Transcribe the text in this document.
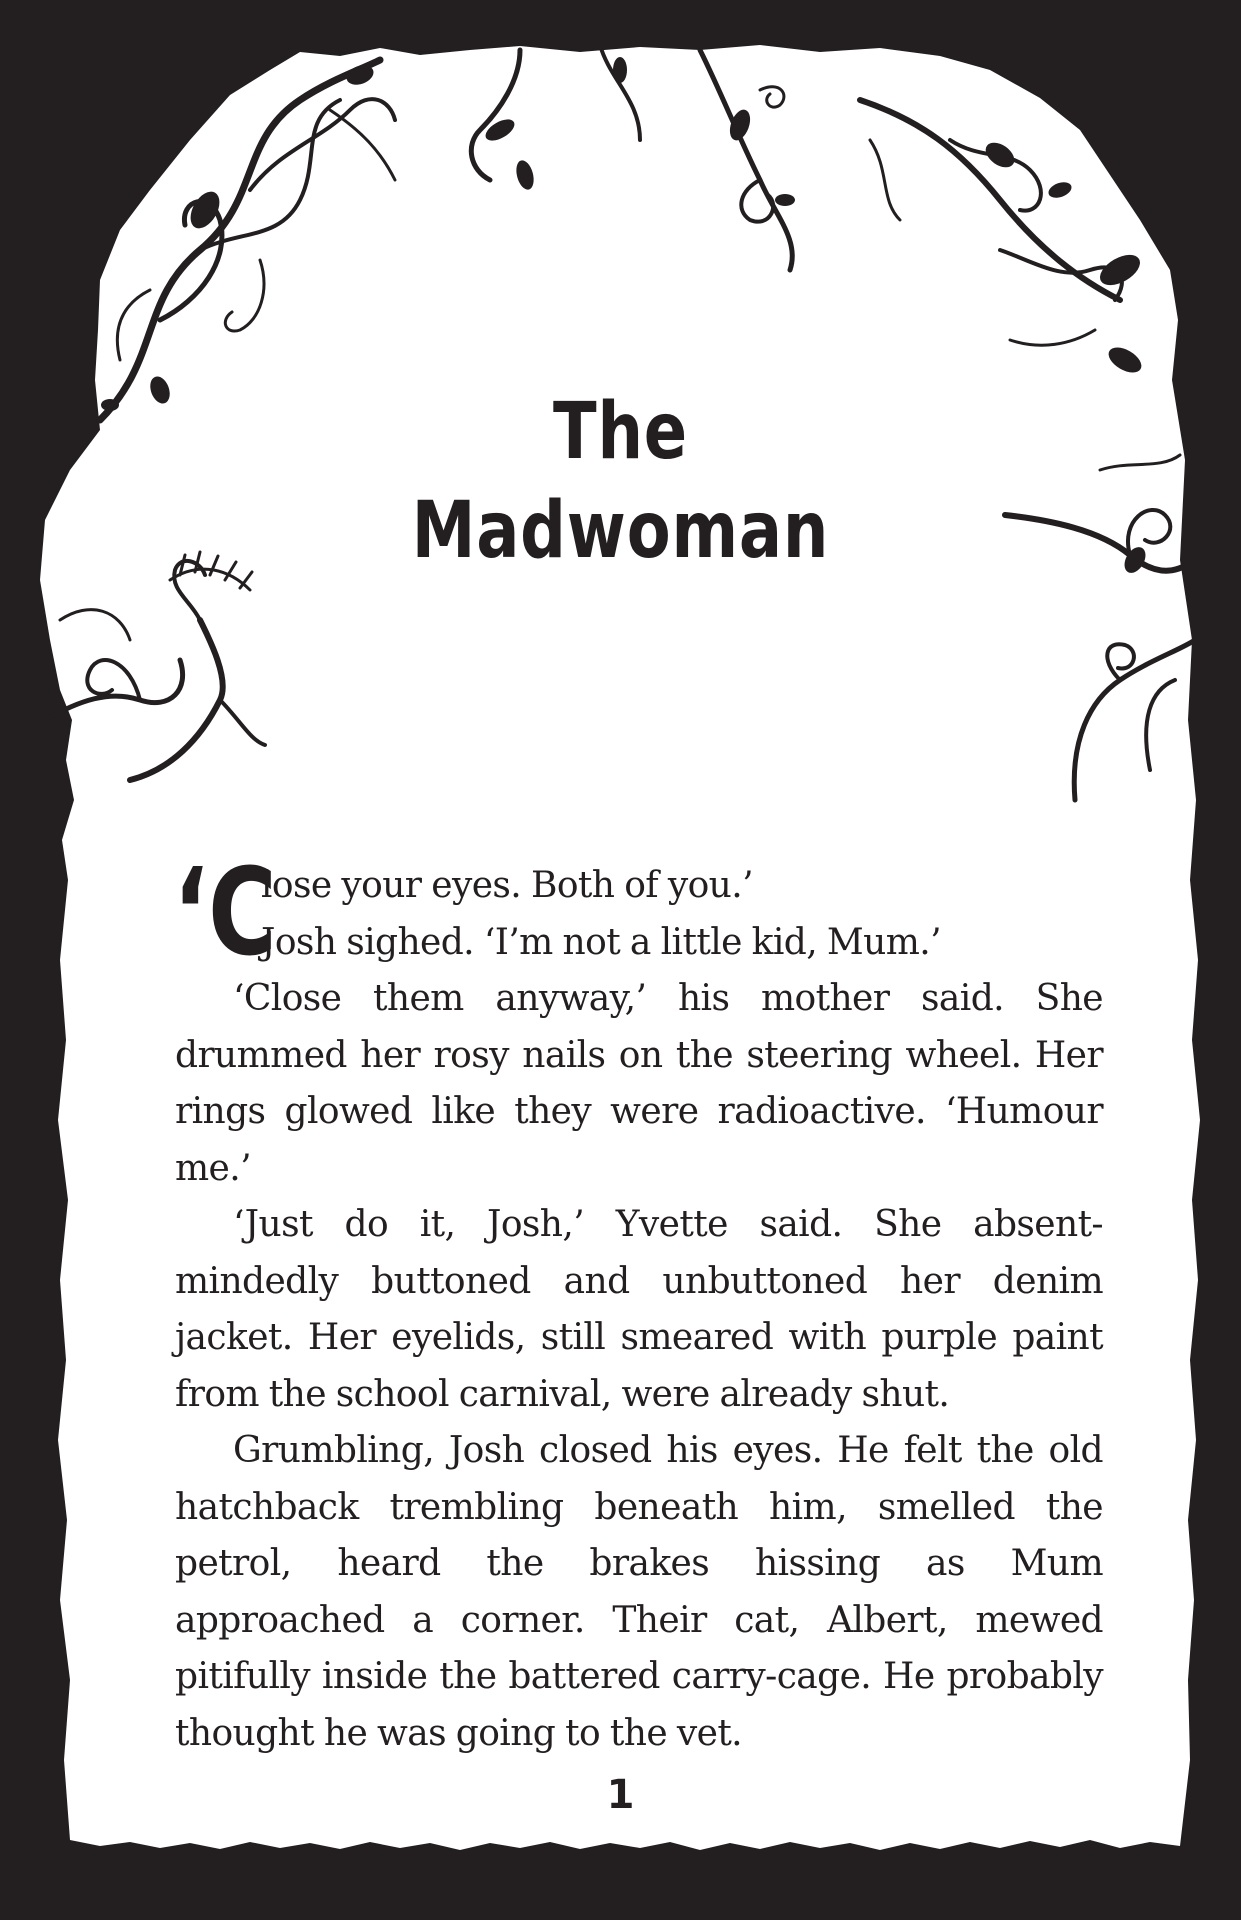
The
Madwoman

‘C
lose your eyes. Both of you.’

Josh sighed. ‘I’m not a little kid, Mum.’

‘Close them anyway,’ his mother said. She drummed her rosy nails on the steering wheel. Her rings glowed like they were radioactive. ‘Humour me.’

‘Just do it, Josh,’ Yvette said. She absent-mindedly buttoned and unbuttoned her denim jacket. Her eyelids, still smeared with purple paint from the school carnival, were already shut.

Grumbling, Josh closed his eyes. He felt the old hatchback trembling beneath him, smelled the petrol, heard the brakes hissing as Mum approached a corner. Their cat, Albert, mewed pitifully inside the battered carry-cage. He probably thought he was going to the vet.

1
